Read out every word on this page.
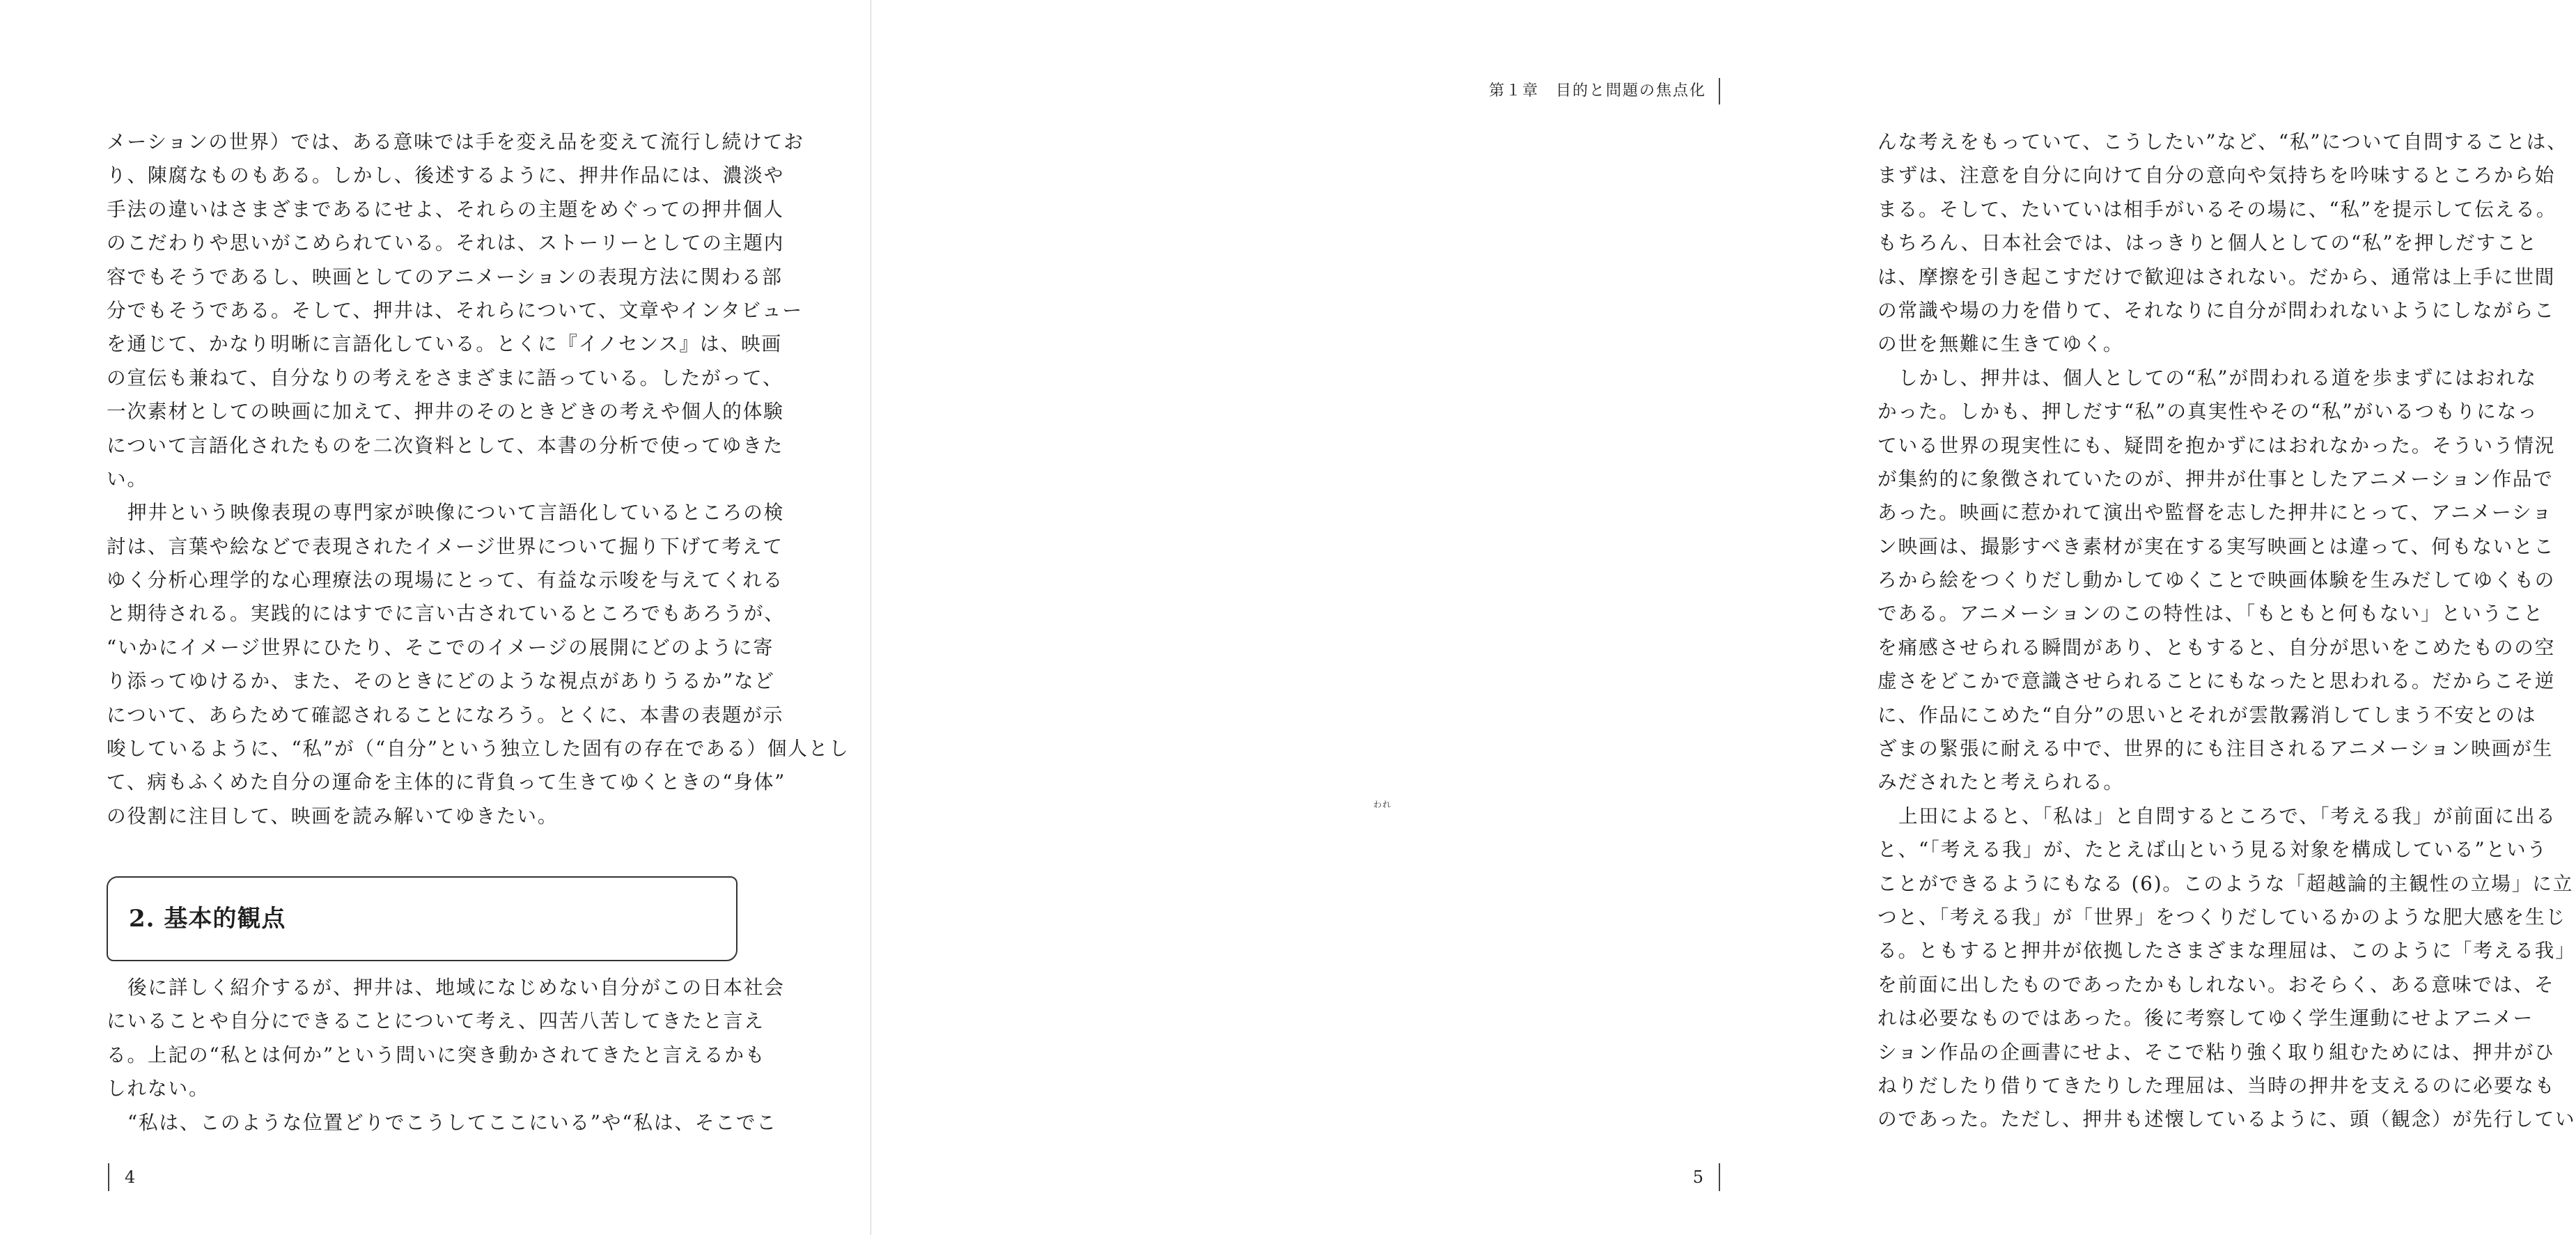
メーションの世界）では、ある意味では手を変え品を変えて流行し続けてお
り、陳腐なものもある。しかし、後述するように、押井作品には、濃淡や
手法の違いはさまざまであるにせよ、それらの主題をめぐっての押井個人
のこだわりや思いがこめられている。それは、ストーリーとしての主題内
容でもそうであるし、映画としてのアニメーションの表現方法に関わる部
分でもそうである。そして、押井は、それらについて、文章やインタビュー
を通じて、かなり明晰に言語化している。とくに『イノセンス』は、映画
の宣伝も兼ねて、自分なりの考えをさまざまに語っている。したがって、
一次素材としての映画に加えて、押井のそのときどきの考えや個人的体験
について言語化されたものを二次資料として、本書の分析で使ってゆきた
い。
押井という映像表現の専門家が映像について言語化しているところの検
討は、言葉や絵などで表現されたイメージ世界について掘り下げて考えて
ゆく分析心理学的な心理療法の現場にとって、有益な示唆を与えてくれる
と期待される。実践的にはすでに言い古されているところでもあろうが、
“いかにイメージ世界にひたり、そこでのイメージの展開にどのように寄
り添ってゆけるか、また、そのときにどのような視点がありうるか”など
について、あらためて確認されることになろう。とくに、本書の表題が示
唆しているように、“私”が（“自分”という独立した固有の存在である）個人とし
て、病もふくめた自分の運命を主体的に背負って生きてゆくときの“身体”
の役割に注目して、映画を読み解いてゆきたい。
2. 基本的観点
後に詳しく紹介するが、押井は、地域になじめない自分がこの日本社会
にいることや自分にできることについて考え、四苦八苦してきたと言え
る。上記の“私とは何か”という問いに突き動かされてきたと言えるかも
しれない。
“私は、このような位置どりでこうしてここにいる”や“私は、そこでこ
4
第１章　目的と問題の焦点化
んな考えをもっていて、こうしたい”など、“私”について自問することは、
まずは、注意を自分に向けて自分の意向や気持ちを吟味するところから始
まる。そして、たいていは相手がいるその場に、“私”を提示して伝える。
もちろん、日本社会では、はっきりと個人としての“私”を押しだすこと
は、摩擦を引き起こすだけで歓迎はされない。だから、通常は上手に世間
の常識や場の力を借りて、それなりに自分が問われないようにしながらこ
の世を無難に生きてゆく。
しかし、押井は、個人としての“私”が問われる道を歩まずにはおれな
かった。しかも、押しだす“私”の真実性やその“私”がいるつもりになっ
ている世界の現実性にも、疑問を抱かずにはおれなかった。そういう情況
が集約的に象徴されていたのが、押井が仕事としたアニメーション作品で
あった。映画に惹かれて演出や監督を志した押井にとって、アニメーショ
ン映画は、撮影すべき素材が実在する実写映画とは違って、何もないとこ
ろから絵をつくりだし動かしてゆくことで映画体験を生みだしてゆくもの
である。アニメーションのこの特性は、「もともと何もない」ということ
を痛感させられる瞬間があり、ともすると、自分が思いをこめたものの空
虚さをどこかで意識させられることにもなったと思われる。だからこそ逆
に、作品にこめた“自分”の思いとそれが雲散霧消してしまう不安とのは
ざまの緊張に耐える中で、世界的にも注目されるアニメーション映画が生
みだされたと考えられる。
上田によると、「私は」と自問するところで、「考える我」が前面に出る
と、“「考える我」が、たとえば山という見る対象を構成している”という
ことができるようにもなる (6)。このような「超越論的主観性の立場」に立
つと、「考える我」が「世界」をつくりだしているかのような肥大感を生じ
る。ともすると押井が依拠したさまざまな理屈は、このように「考える我」
を前面に出したものであったかもしれない。おそらく、ある意味では、そ
れは必要なものではあった。後に考察してゆく学生運動にせよアニメー
ション作品の企画書にせよ、そこで粘り強く取り組むためには、押井がひ
ねりだしたり借りてきたりした理屈は、当時の押井を支えるのに必要なも
のであった。ただし、押井も述懐しているように、頭（観念）が先行してい
5
われ
